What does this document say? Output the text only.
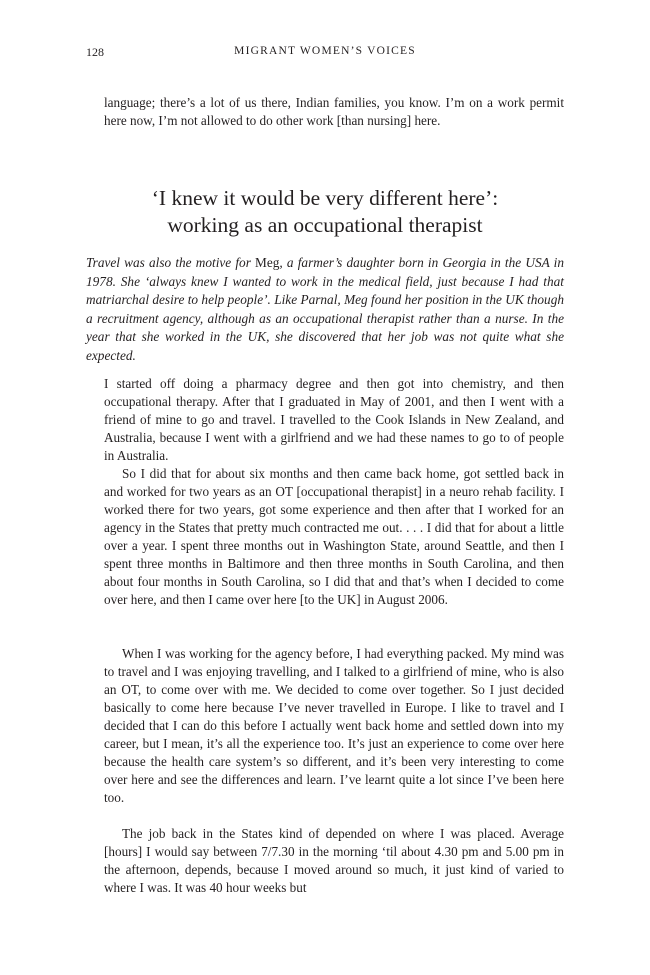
128	MIGRANT WOMEN’S VOICES

language; there’s a lot of us there, Indian families, you know. I’m on a work permit here now, I’m not allowed to do other work [than nursing] here.

‘I knew it would be very different here’:
working as an occupational therapist

Travel was also the motive for Meg, a farmer’s daughter born in Georgia in the USA in 1978. She ‘always knew I wanted to work in the medical field, just because I had that matriarchal desire to help people’. Like Parnal, Meg found her position in the UK though a recruitment agency, although as an occupational therapist rather than a nurse. In the year that she worked in the UK, she discovered that her job was not quite what she expected.

I started off doing a pharmacy degree and then got into chemistry, and then occupational therapy. After that I graduated in May of 2001, and then I went with a friend of mine to go and travel. I travelled to the Cook Islands in New Zealand, and Australia, because I went with a girlfriend and we had these names to go to of people in Australia.

So I did that for about six months and then came back home, got settled back in and worked for two years as an OT [occupational therapist] in a neuro rehab facility. I worked there for two years, got some experience and then after that I worked for an agency in the States that pretty much contracted me out. . . . I did that for about a little over a year. I spent three months out in Washington State, around Seattle, and then I spent three months in Baltimore and then three months in South Carolina, and then about four months in South Carolina, so I did that and that’s when I decided to come over here, and then I came over here [to the UK] in August 2006.

When I was working for the agency before, I had everything packed. My mind was to travel and I was enjoying travelling, and I talked to a girlfriend of mine, who is also an OT, to come over with me. We decided to come over together. So I just decided basically to come here because I’ve never travelled in Europe. I like to travel and I decided that I can do this before I actually went back home and settled down into my career, but I mean, it’s all the experience too. It’s just an experience to come over here because the health care system’s so different, and it’s been very interesting to come over here and see the differences and learn. I’ve learnt quite a lot since I’ve been here too.

The job back in the States kind of depended on where I was placed. Average [hours] I would say between 7/7.30 in the morning ‘til about 4.30 pm and 5.00 pm in the afternoon, depends, because I moved around so much, it just kind of varied to where I was. It was 40 hour weeks but
